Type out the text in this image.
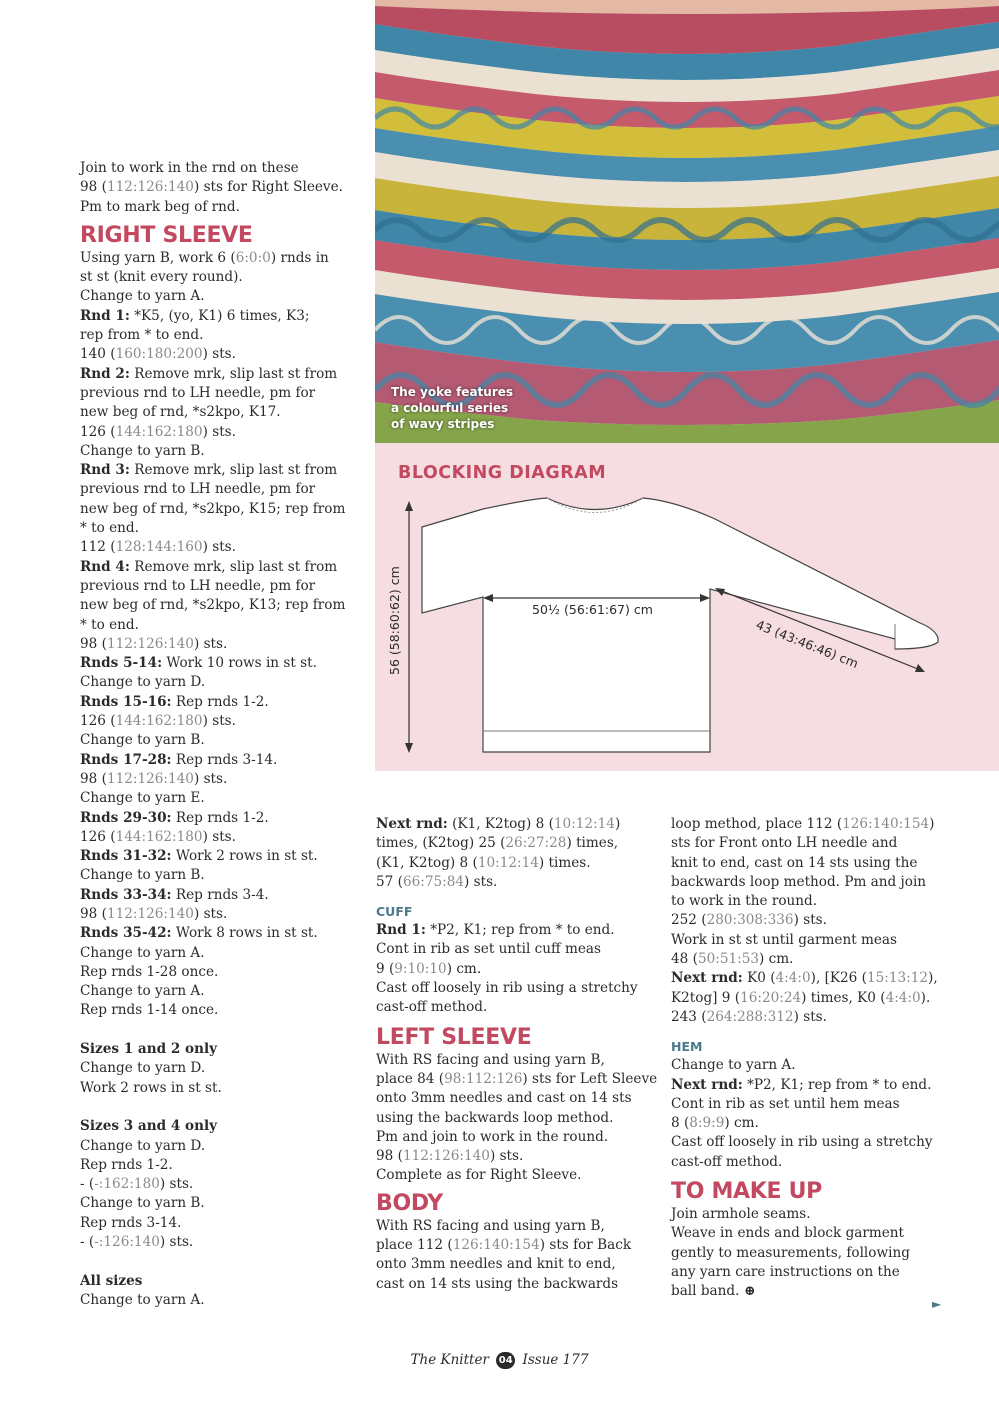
The yoke features
a colourful series
of wavy stripes
BLOCKING DIAGRAM
56 (58:60:62) cm	50½ (56:61:67) cm
43 (43:46:46) cm

Join to work in the rnd on these

98 (112:126:140) sts for Right Sleeve.

Pm to mark beg of rnd.

RIGHT SLEEVE

Using yarn B, work 6 (6:0:0) rnds in

st st (knit every round).

Change to yarn A.

Rnd 1: *K5, (yo, K1) 6 times, K3;

rep from * to end.

140 (160:180:200) sts.

Rnd 2: Remove mrk, slip last st from

previous rnd to LH needle, pm for

new beg of rnd, *s2kpo, K17.

126 (144:162:180) sts.

Change to yarn B.

Rnd 3: Remove mrk, slip last st from

previous rnd to LH needle, pm for

new beg of rnd, *s2kpo, K15; rep from

* to end.

112 (128:144:160) sts.

Rnd 4: Remove mrk, slip last st from

previous rnd to LH needle, pm for

new beg of rnd, *s2kpo, K13; rep from

* to end.

98 (112:126:140) sts.

Rnds 5-14: Work 10 rows in st st.

Change to yarn D.

Rnds 15-16: Rep rnds 1-2.

126 (144:162:180) sts.

Change to yarn B.

Rnds 17-28: Rep rnds 3-14.

98 (112:126:140) sts.

Change to yarn E.

Rnds 29-30: Rep rnds 1-2.

126 (144:162:180) sts.

Rnds 31-32: Work 2 rows in st st.

Change to yarn B.

Rnds 33-34: Rep rnds 3-4.

98 (112:126:140) sts.

Rnds 35-42: Work 8 rows in st st.

Change to yarn A.

Rep rnds 1-28 once.

Change to yarn A.

Rep rnds 1-14 once.

Sizes 1 and 2 only

Change to yarn D.

Work 2 rows in st st.

Sizes 3 and 4 only

Change to yarn D.

Rep rnds 1-2.

- (-:162:180) sts.

Change to yarn B.

Rep rnds 3-14.

- (-:126:140) sts.

All sizes

Change to yarn A.

Next rnd: (K1, K2tog) 8 (10:12:14)

times, (K2tog) 25 (26:27:28) times,

(K1, K2tog) 8 (10:12:14) times.

57 (66:75:84) sts.

CUFF

Rnd 1: *P2, K1; rep from * to end.

Cont in rib as set until cuff meas

9 (9:10:10) cm.

Cast off loosely in rib using a stretchy

cast-off method.

LEFT SLEEVE

With RS facing and using yarn B,

place 84 (98:112:126) sts for Left Sleeve

onto 3mm needles and cast on 14 sts

using the backwards loop method.

Pm and join to work in the round.

98 (112:126:140) sts.

Complete as for Right Sleeve.

BODY

With RS facing and using yarn B,

place 112 (126:140:154) sts for Back

onto 3mm needles and knit to end,

cast on 14 sts using the backwards

loop method, place 112 (126:140:154)

sts for Front onto LH needle and

knit to end, cast on 14 sts using the

backwards loop method. Pm and join

to work in the round.

252 (280:308:336) sts.

Work in st st until garment meas

48 (50:51:53) cm.

Next rnd: K0 (4:4:0), [K26 (15:13:12),

K2tog] 9 (16:20:24) times, K0 (4:4:0).

243 (264:288:312) sts.

HEM

Change to yarn A.

Next rnd: *P2, K1; rep from * to end.

Cont in rib as set until hem meas

8 (8:9:9) cm.

Cast off loosely in rib using a stretchy

cast-off method.

TO MAKE UP

Join armhole seams.

Weave in ends and block garment

gently to measurements, following

any yarn care instructions on the

ball band. ⊕

►
The Knitter 04 Issue 177
